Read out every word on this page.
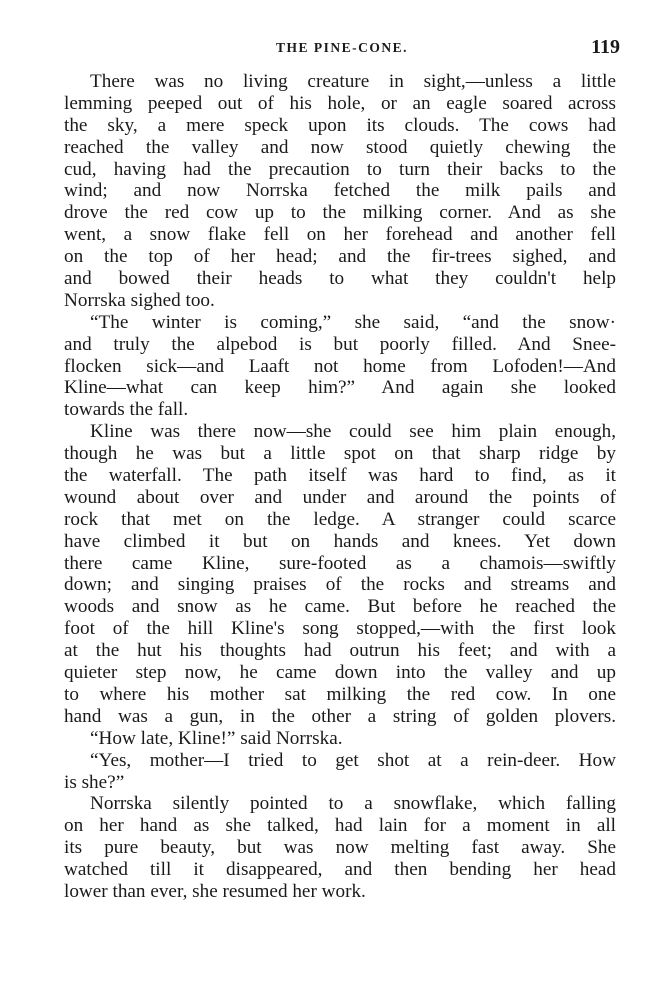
THE PINE-CONE.	119
There was no living creature in sight,—unless a little
lemming peeped out of his hole, or an eagle soared across
the sky, a mere speck upon its clouds. The cows had
reached the valley and now stood quietly chewing the
cud, having had the precaution to turn their backs to the
wind; and now Norrska fetched the milk pails and
drove the red cow up to the milking corner. And as she
went, a snow flake fell on her forehead and another fell
on the top of her head; and the fir-trees sighed, and
and bowed their heads to what they couldn't help
Norrska sighed too.
“The winter is coming,” she said, “and the snow·
and truly the alpebod is but poorly filled. And Snee-
flocken sick—and Laaft not home from Lofoden!—And
Kline—what can keep him?” And again she looked
towards the fall.
Kline was there now—she could see him plain enough,
though he was but a little spot on that sharp ridge by
the waterfall. The path itself was hard to find, as it
wound about over and under and around the points of
rock that met on the ledge. A stranger could scarce
have climbed it but on hands and knees. Yet down
there came Kline, sure-footed as a chamois—swiftly
down; and singing praises of the rocks and streams and
woods and snow as he came. But before he reached the
foot of the hill Kline's song stopped,—with the first look
at the hut his thoughts had outrun his feet; and with a
quieter step now, he came down into the valley and up
to where his mother sat milking the red cow. In one
hand was a gun, in the other a string of golden plovers.
“How late, Kline!” said Norrska.
“Yes, mother—I tried to get shot at a rein-deer. How
is she?”
Norrska silently pointed to a snowflake, which falling
on her hand as she talked, had lain for a moment in all
its pure beauty, but was now melting fast away. She
watched till it disappeared, and then bending her head
lower than ever, she resumed her work.
